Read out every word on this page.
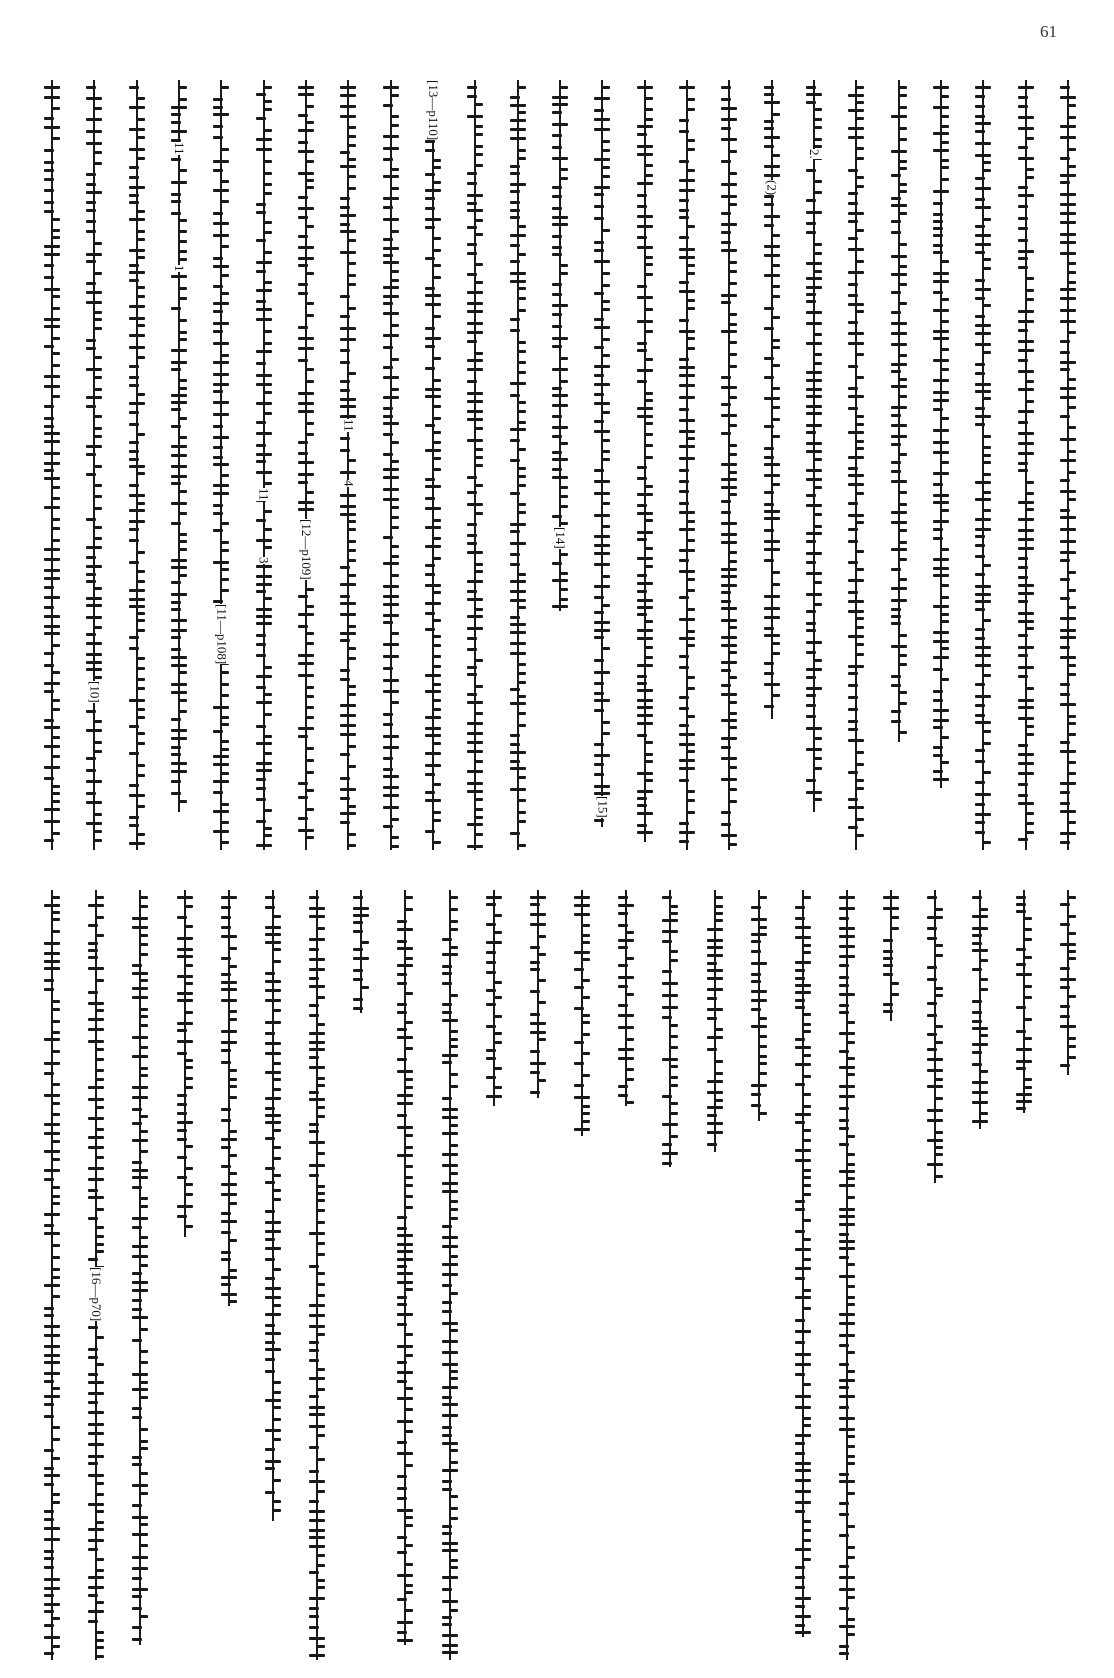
61
[10]
11
1
[11—p108]
11
3	[12—p109]
11
4
[13—p110]
[14]
[15]
(2)
2.
[16—p70]
